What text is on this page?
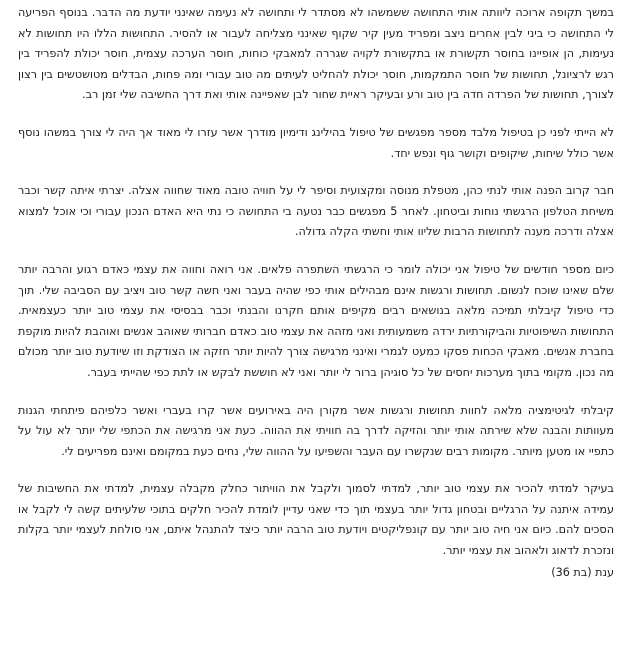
במשך תקופה ארוכה ליוותה אותי התחושה ששמשהו לא מסתדר לי ותחושה לא נעימה שאינני יודעת מה הדבר. בנוסף הפריעה לי התחושה כי ביני לבין אחרים ניצב ומפריד מעין קיר שקוף שאינני מצליחה לעבור או להסיר. התחושות הללו היו תחושות לא נעימות, הן אופיינו בחוסר תקשורת או בתקשורת לקויה שגררה למאבקי כוחות, חוסר הערכה עצמית, חוסר יכולת להפריד בין רגש לרציונל, תחושות של חוסר התמקמות, חוסר יכולת להחליט לעיתים מה טוב עבורי ומה פחות, הבדלים מטושטשים בין רצון לצורך, תחושות של הפרדה חדה בין טוב ורע ובעיקר ראיית שחור לבן שאפיינה אותי ואת דרך החשיבה שלי זמן רב.

לא הייתי לפני כן בטיפול מלבד מספר מפגשים של טיפול בהילינג ודימיון מודרך אשר עזרו לי מאוד אך היה לי צורך במשהו נוסף אשר כולל שיחות, שיקופים וקושר גוף ונפש יחד.

חבר קרוב הפנה אותי לנתי כהן, מטפלת מנוסה ומקצועית וסיפר לי על חוויה טובה מאוד שחווה אצלה. יצרתי איתה קשר וכבר משיחת הטלפון הרגשתי נוחות וביטחון. לאחר 5 מפגשים כבר נטעה בי התחושה כי נתי היא האדם הנכון עבורי וכי אוכל למצוא אצלה ודרכה מענה לתחושות הרבות שליוו אותי וחשתי הקלה גדולה.

כיום מספר חודשים של טיפול אני יכולה לומר כי הרגשתי השתפרה פלאים. אני רואה וחווה את עצמי כאדם רגוע והרבה יותר שלם שאינו שוכח לנשום. תחושות ורגשות אינם מבהילים אותי כפי שהיה בעבר ואני חשה קשר טוב ויציב עם הסביבה שלי. תוך כדי טיפול קיבלתי תמיכה מלאה בנושאים רבים מקיפים אותם חקרנו והבנתי וכבר בבסיסי את עצמי טוב יותר כעצמאית. התחושות השיפוטיות והביקורתיות ירדה משמעותית ואני מזהה את עצמי טוב כאדם חברותי שאוהב אנשים ואוהבת להיות מוקפת בחברת אנשים. מאבקי הכחות פסקו כמעט לגמרי ואינני מרגישה צורך להיות יותר חזקה או הצודקת וזו שיודעת טוב יותר מכולם מה נכון. מקומי בתוך מערכות יחסים של כל סוגיהן ברור לי יותר ואני לא חוששת לבקש או לתת כפי שהייתי בעבר.

קיבלתי לגיטימציה מלאה לחוות תחושות ורגשות אשר מקורן היה באירועים אשר קרו בעברי ואשר כלפיהם פיתחתי הגנות מעוותות והבנה שלא שירתה אותי יותר והזיקה לדרך בה חוויתי את ההווה. כעת אני מרגישה את הכתפי שלי יותר לא עול על כתפיי או מטען מיותר. מקומות רבים שנקשרו עם העבר והשפיעו על ההווה שלי, נחים כעת במקומם ואינם מפריעים לי.

בעיקר למדתי להכיר את עצמי טוב יותר, למדתי לסמוך ולקבל את הוויתור כחלק מקבלה עצמית, למדתי את החשיבות של עמידה איתנה על הרגליים ובטחון גדול יותר בעצמי תוך כדי שאני עדיין לומדת להכיר חלקים בתוכי שלעיתים קשה לי לקבל או הסכים להם. כיום אני חיה טוב יותר עם קונפליקטים ויודעת טוב הרבה יותר כיצד להתנהל איתם, אני סולחת לעצמי יותר בקלות ונזכרת לדאוג ולאהוב את עצמי יותר.

ענת (בת 36)
